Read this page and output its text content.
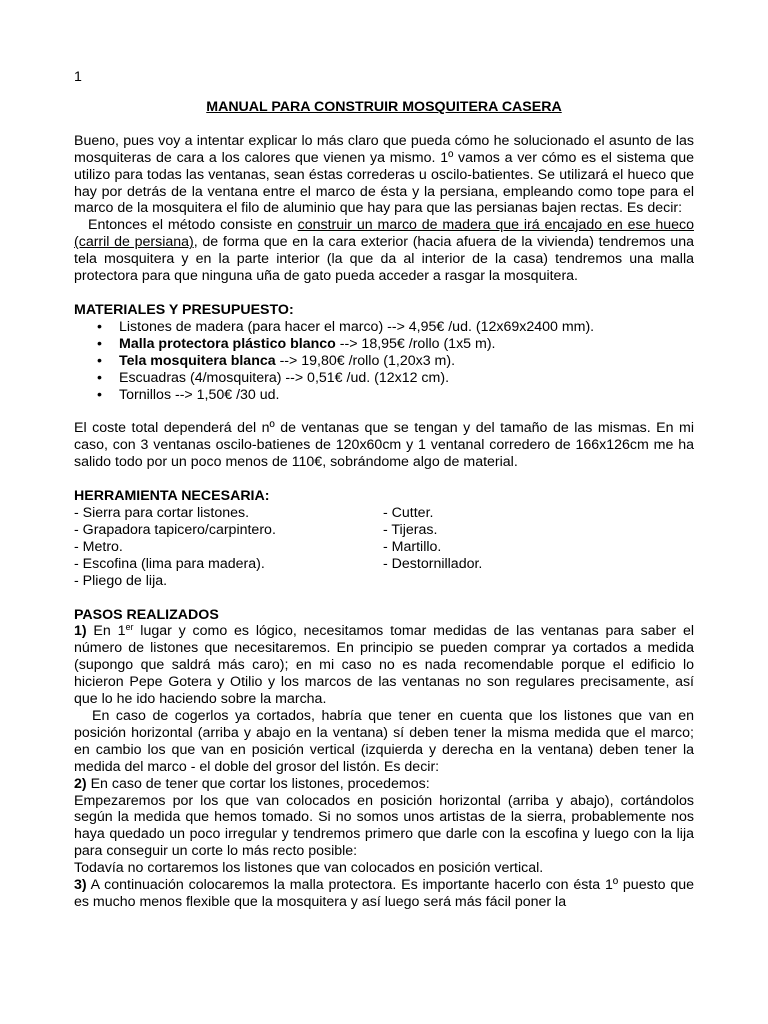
1
MANUAL PARA CONSTRUIR MOSQUITERA CASERA

Bueno, pues voy a intentar explicar lo más claro que pueda cómo he solucionado el asunto de las mosquiteras de cara a los calores que vienen ya mismo. 1º vamos a ver cómo es el sistema que utilizo para todas las ventanas, sean éstas correderas u oscilo-batientes. Se utilizará el hueco que hay por detrás de la ventana entre el marco de ésta y la persiana, empleando como tope para el marco de la mosquitera el filo de aluminio que hay para que las persianas bajen rectas. Es decir:

Entonces el método consiste en construir un marco de madera que irá encajado en ese hueco (carril de persiana), de forma que en la cara exterior (hacia afuera de la vivienda) tendremos una tela mosquitera y en la parte interior (la que da al interior de la casa) tendremos una malla protectora para que ninguna uña de gato pueda acceder a rasgar la mosquitera.

MATERIALES Y PRESUPUESTO:
• Listones de madera (para hacer el marco) --> 4,95€ /ud. (12x69x2400 mm).
• Malla protectora plástico blanco --> 18,95€ /rollo (1x5 m).
• Tela mosquitera blanca --> 19,80€ /rollo (1,20x3 m).
• Escuadras (4/mosquitera) --> 0,51€ /ud. (12x12 cm).
• Tornillos --> 1,50€ /30 ud.

El coste total dependerá del nº de ventanas que se tengan y del tamaño de las mismas. En mi caso, con 3 ventanas oscilo-batienes de 120x60cm y 1 ventanal corredero de 166x126cm me ha salido todo por un poco menos de 110€, sobrándome algo de material.

HERRAMIENTA NECESARIA:
- Sierra para cortar listones.	- Cutter.
- Grapadora tapicero/carpintero.	- Tijeras.
- Metro.	- Martillo.
- Escofina (lima para madera).	- Destornillador.
- Pliego de lija.
PASOS REALIZADOS

1) En 1er lugar y como es lógico, necesitamos tomar medidas de las ventanas para saber el número de listones que necesitaremos. En principio se pueden comprar ya cortados a medida (supongo que saldrá más caro); en mi caso no es nada recomendable porque el edificio lo hicieron Pepe Gotera y Otilio y los marcos de las ventanas no son regulares precisamente, así que lo he ido haciendo sobre la marcha.

En caso de cogerlos ya cortados, habría que tener en cuenta que los listones que van en posición horizontal (arriba y abajo en la ventana) sí deben tener la misma medida que el marco; en cambio los que van en posición vertical (izquierda y derecha en la ventana) deben tener la medida del marco - el doble del grosor del listón. Es decir:

2) En caso de tener que cortar los listones, procedemos:

Empezaremos por los que van colocados en posición horizontal (arriba y abajo), cortándolos según la medida que hemos tomado. Si no somos unos artistas de la sierra, probablemente nos haya quedado un poco irregular y tendremos primero que darle con la escofina y luego con la lija para conseguir un corte lo más recto posible:

Todavía no cortaremos los listones que van colocados en posición vertical.

3) A continuación colocaremos la malla protectora. Es importante hacerlo con ésta 1º puesto que es mucho menos flexible que la mosquitera y así luego será más fácil poner la
